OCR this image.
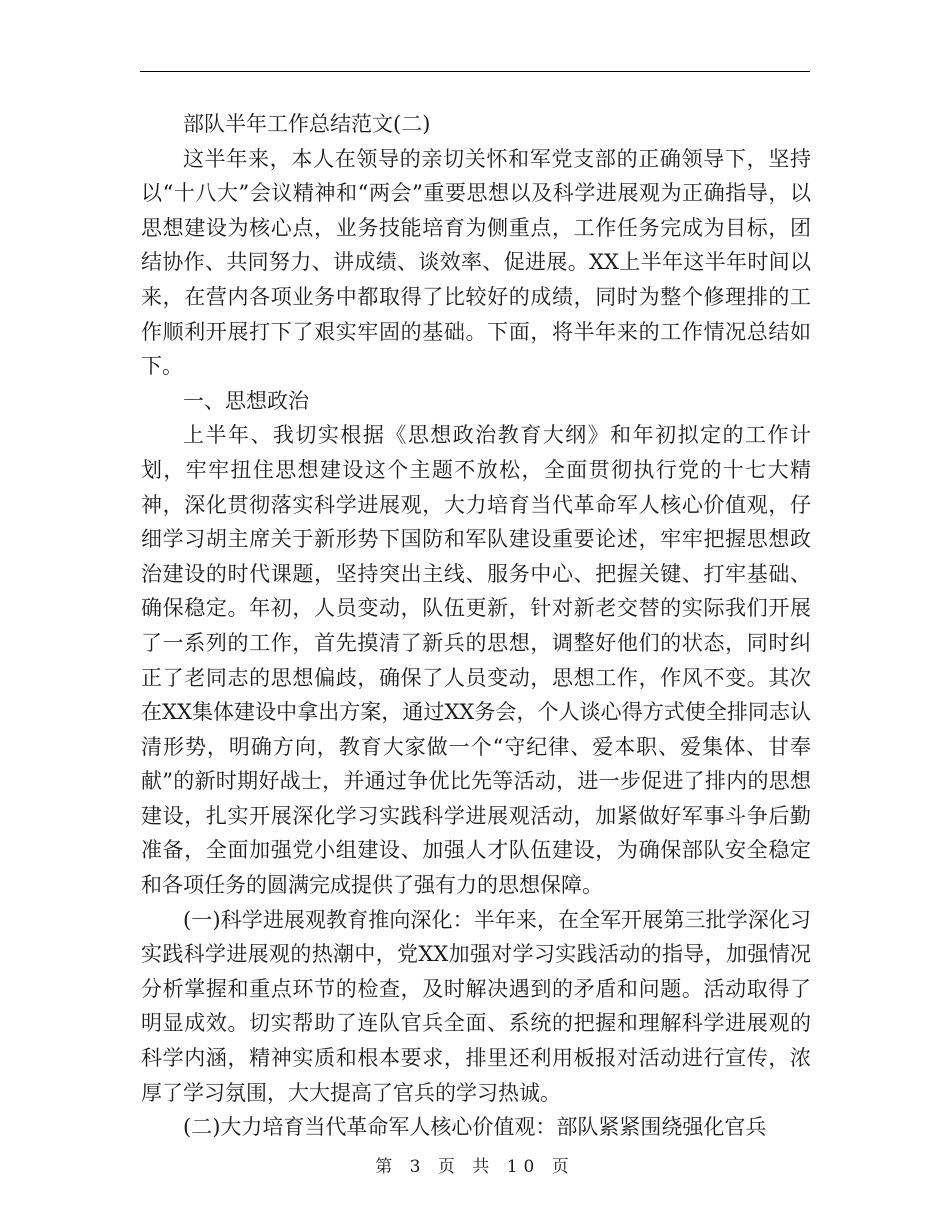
部队半年工作总结范文(二)

这半年来，本人在领导的亲切关怀和军党支部的正确领导下，坚持以“十八大”会议精神和“两会”重要思想以及科学进展观为正确指导，以思想建设为核心点，业务技能培育为侧重点，工作任务完成为目标，团结协作、共同努力、讲成绩、谈效率、促进展。XX上半年这半年时间以来，在营内各项业务中都取得了比较好的成绩，同时为整个修理排的工作顺利开展打下了艰实牢固的基础。下面，将半年来的工作情况总结如下。

一、思想政治

上半年、我切实根据《思想政治教育大纲》和年初拟定的工作计划，牢牢扭住思想建设这个主题不放松，全面贯彻执行党的十七大精神，深化贯彻落实科学进展观，大力培育当代革命军人核心价值观，仔细学习胡主席关于新形势下国防和军队建设重要论述，牢牢把握思想政治建设的时代课题，坚持突出主线、服务中心、把握关键、打牢基础、确保稳定。年初，人员变动，队伍更新，针对新老交替的实际我们开展了一系列的工作，首先摸清了新兵的思想，调整好他们的状态，同时纠正了老同志的思想偏歧，确保了人员变动，思想工作，作风不变。其次在XX集体建设中拿出方案，通过XX务会，个人谈心得方式使全排同志认清形势，明确方向，教育大家做一个“守纪律、爱本职、爱集体、甘奉献”的新时期好战士，并通过争优比先等活动，进一步促进了排内的思想建设，扎实开展深化学习实践科学进展观活动，加紧做好军事斗争后勤准备，全面加强党小组建设、加强人才队伍建设，为确保部队安全稳定和各项任务的圆满完成提供了强有力的思想保障。

(一)科学进展观教育推向深化：半年来，在全军开展第三批学深化习实践科学进展观的热潮中，党XX加强对学习实践活动的指导，加强情况分析掌握和重点环节的检查，及时解决遇到的矛盾和问题。活动取得了明显成效。切实帮助了连队官兵全面、系统的把握和理解科学进展观的科学内涵，精神实质和根本要求，排里还利用板报对活动进行宣传，浓厚了学习氛围，大大提高了官兵的学习热诚。

(二)大力培育当代革命军人核心价值观：部队紧紧围绕强化官兵

第 3 页 共 10 页
